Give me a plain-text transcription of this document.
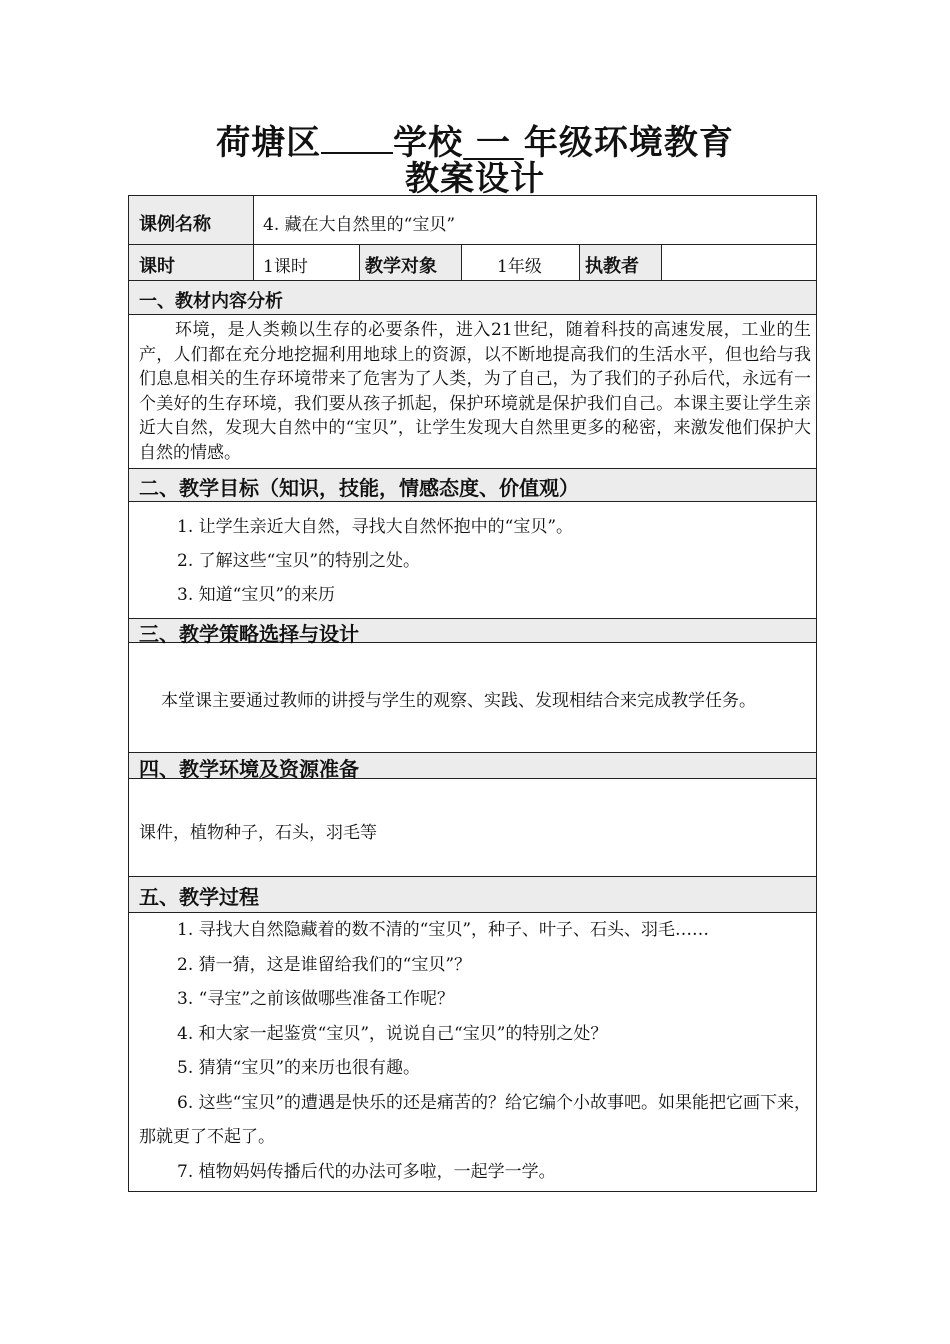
荷塘区 学校 一 年级环境教育
教案设计
课例名称	4. 藏在大自然里的“宝贝”
课时	1课时	教学对象	1年级 执教者
一、教材内容分析

环境，是人类赖以生存的必要条件，进入21世纪，随着科技的高速发展，工业的生产，人们都在充分地挖掘利用地球上的资源，以不断地提高我们的生活水平，但也给与我们息息相关的生存环境带来了危害为了人类，为了自己，为了我们的子孙后代，永远有一个美好的生存环境，我们要从孩子抓起，保护环境就是保护我们自己。本课主要让学生亲近大自然，发现大自然中的“宝贝”，让学生发现大自然里更多的秘密，来激发他们保护大自然的情感。

二、教学目标（知识，技能，情感态度、价值观）
1. 让学生亲近大自然，寻找大自然怀抱中的“宝贝”。
2. 了解这些“宝贝”的特别之处。
3. 知道“宝贝”的来历
三、教学策略选择与设计
本堂课主要通过教师的讲授与学生的观察、实践、发现相结合来完成教学任务。
四、教学环境及资源准备
课件，植物种子，石头，羽毛等
五、教学过程
1. 寻找大自然隐藏着的数不清的“宝贝”，种子、叶子、石头、羽毛……
2. 猜一猜，这是谁留给我们的“宝贝”？
3. “寻宝”之前该做哪些准备工作呢？
4. 和大家一起鉴赏“宝贝”，说说自己“宝贝”的特别之处？
5. 猜猜“宝贝”的来历也很有趣。
6. 这些“宝贝”的遭遇是快乐的还是痛苦的？给它编个小故事吧。如果能把它画下来，那就更了不起了。
7. 植物妈妈传播后代的办法可多啦，一起学一学。
